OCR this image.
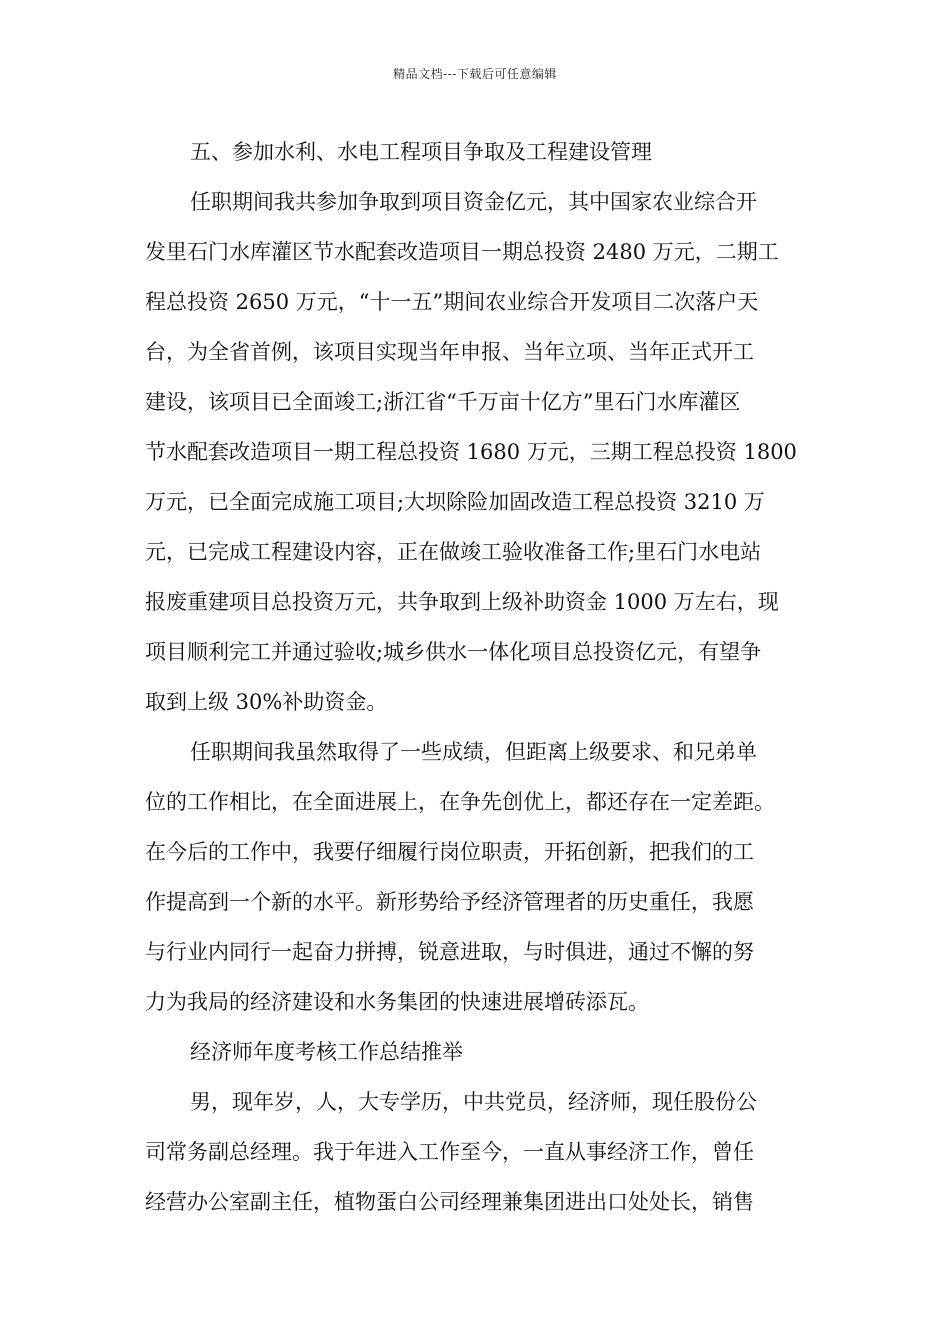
精品文档---下载后可任意编辑
五、参加水利、水电工程项目争取及工程建设管理
任职期间我共参加争取到项目资金亿元，其中国家农业综合开
发里石门水库灌区节水配套改造项目一期总投资 2480 万元，二期工
程总投资 2650 万元，“十一五”期间农业综合开发项目二次落户天
台，为全省首例，该项目实现当年申报、当年立项、当年正式开工
建设，该项目已全面竣工;浙江省“千万亩十亿方”里石门水库灌区
节水配套改造项目一期工程总投资 1680 万元，三期工程总投资 1800
万元，已全面完成施工项目;大坝除险加固改造工程总投资 3210 万
元，已完成工程建设内容，正在做竣工验收准备工作;里石门水电站
报废重建项目总投资万元，共争取到上级补助资金 1000 万左右，现
项目顺利完工并通过验收;城乡供水一体化项目总投资亿元，有望争
取到上级 30%补助资金。
任职期间我虽然取得了一些成绩，但距离上级要求、和兄弟单
位的工作相比，在全面进展上，在争先创优上，都还存在一定差距。
在今后的工作中，我要仔细履行岗位职责，开拓创新，把我们的工
作提高到一个新的水平。新形势给予经济管理者的历史重任，我愿
与行业内同行一起奋力拼搏，锐意进取，与时俱进，通过不懈的努
力为我局的经济建设和水务集团的快速进展增砖添瓦。
经济师年度考核工作总结推举
男，现年岁，人，大专学历，中共党员，经济师，现任股份公
司常务副总经理。我于年进入工作至今，一直从事经济工作，曾任
经营办公室副主任，植物蛋白公司经理兼集团进出口处处长，销售
